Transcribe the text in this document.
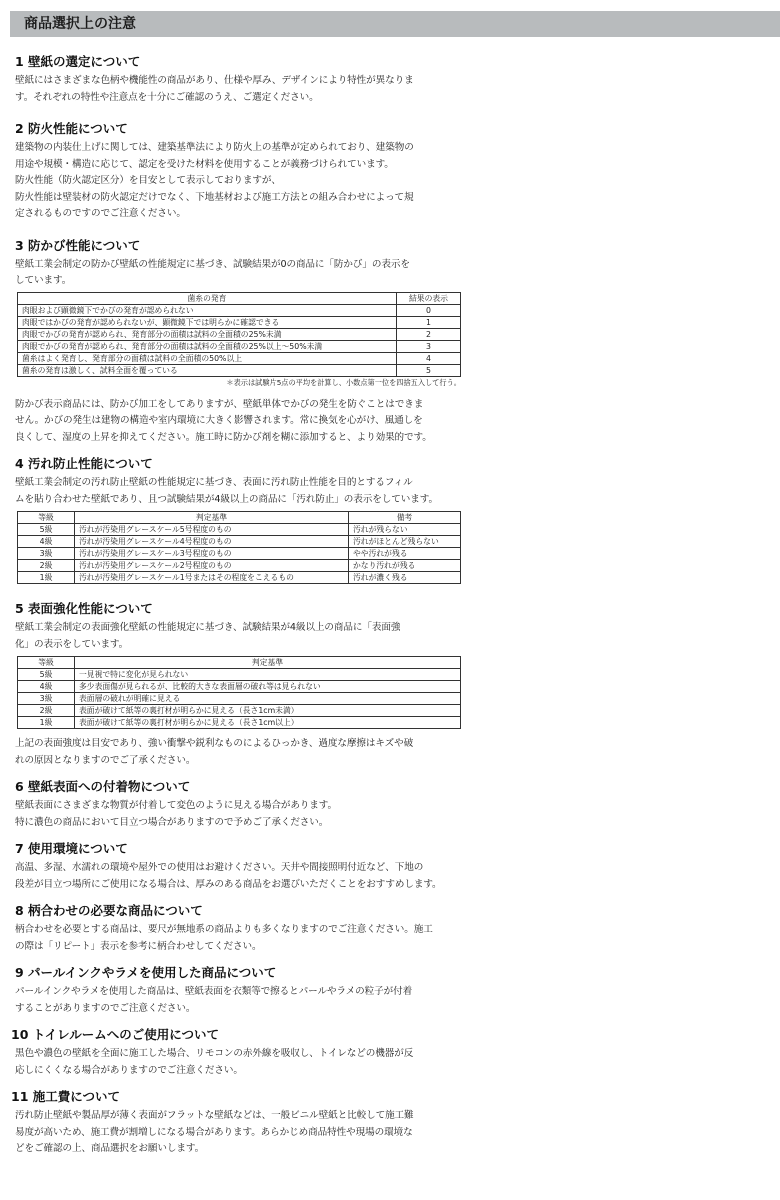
商品選択上の注意
1 壁紙の選定について
壁紙にはさまざまな色柄や機能性の商品があり、仕様や厚み、デザインにより特性が異なりま
す。それぞれの特性や注意点を十分にご確認のうえ、ご選定ください。
2 防火性能について
建築物の内装仕上げに関しては、建築基準法により防火上の基準が定められており、建築物の
用途や規模・構造に応じて、認定を受けた材料を使用することが義務づけられています。
防火性能（防火認定区分）を目安として表示しておりますが、
防火性能は壁装材の防火認定だけでなく、下地基材および施工方法との組み合わせによって規
定されるものですのでご注意ください。
3 防かび性能について
壁紙工業会制定の防かび壁紙の性能規定に基づき、試験結果が0の商品に「防かび」の表示を
しています。
菌糸の発育	結果の表示
肉眼および顕微鏡下でかびの発育が認められない	0
肉眼ではかびの発育が認められないが、顕微鏡下では明らかに確認できる	1
肉眼でかびの発育が認められ、発育部分の面積は試料の全面積の25%未満	2
肉眼でかびの発育が認められ、発育部分の面積は試料の全面積の25%以上～50%未満	3
菌糸はよく発育し、発育部分の面積は試料の全面積の50%以上	4
菌糸の発育は激しく、試料全面を覆っている	5
＊表示は試験片5点の平均を計算し、小数点第一位を四捨五入して行う。
防かび表示商品には、防かび加工をしてありますが、壁紙単体でかびの発生を防ぐことはできま
せん。かびの発生は建物の構造や室内環境に大きく影響されます。常に換気を心がけ、風通しを
良くして、湿度の上昇を抑えてください。施工時に防かび剤を糊に添加すると、より効果的です。
4 汚れ防止性能について
壁紙工業会制定の汚れ防止壁紙の性能規定に基づき、表面に汚れ防止性能を目的とするフィル
ムを貼り合わせた壁紙であり、且つ試験結果が4級以上の商品に「汚れ防止」の表示をしています。
等級	判定基準	備考
5級	汚れが汚染用グレースケール5号程度のもの	汚れが残らない
4級	汚れが汚染用グレースケール4号程度のもの	汚れがほとんど残らない
3級	汚れが汚染用グレースケール3号程度のもの	やや汚れが残る
2級	汚れが汚染用グレースケール2号程度のもの	かなり汚れが残る
1級	汚れが汚染用グレースケール1号またはその程度をこえるもの	汚れが濃く残る
5 表面強化性能について
壁紙工業会制定の表面強化壁紙の性能規定に基づき、試験結果が4級以上の商品に「表面強
化」の表示をしています。
等級	判定基準
5級	一見視で特に変化が見られない
4級	多少表面傷が見られるが、比較的大きな表面層の破れ等は見られない
3級	表面層の破れが明確に見える
2級	表面が破けて紙等の裏打材が明らかに見える（長さ1cm未満）
1級	表面が破けて紙等の裏打材が明らかに見える（長さ1cm以上）
上記の表面強度は目安であり、強い衝撃や鋭利なものによるひっかき、過度な摩擦はキズや破
れの原因となりますのでご了承ください。
6 壁紙表面への付着物について
壁紙表面にさまざまな物質が付着して変色のように見える場合があります。
特に濃色の商品において目立つ場合がありますので予めご了承ください。
7 使用環境について
高温、多湿、水濡れの環境や屋外での使用はお避けください。天井や間接照明付近など、下地の
段差が目立つ場所にご使用になる場合は、厚みのある商品をお選びいただくことをおすすめします。
8 柄合わせの必要な商品について
柄合わせを必要とする商品は、要尺が無地系の商品よりも多くなりますのでご注意ください。施工
の際は「リピート」表示を参考に柄合わせしてください。
9 パールインクやラメを使用した商品について
パールインクやラメを使用した商品は、壁紙表面を衣類等で擦るとパールやラメの粒子が付着
することがありますのでご注意ください。
10 トイレルームへのご使用について
黒色や濃色の壁紙を全面に施工した場合、リモコンの赤外線を吸収し、トイレなどの機器が反
応しにくくなる場合がありますのでご注意ください。
11 施工費について
汚れ防止壁紙や製品厚が薄く表面がフラットな壁紙などは、一般ビニル壁紙と比較して施工難
易度が高いため、施工費が割増しになる場合があります。あらかじめ商品特性や現場の環境な
どをご確認の上、商品選択をお願いします。
